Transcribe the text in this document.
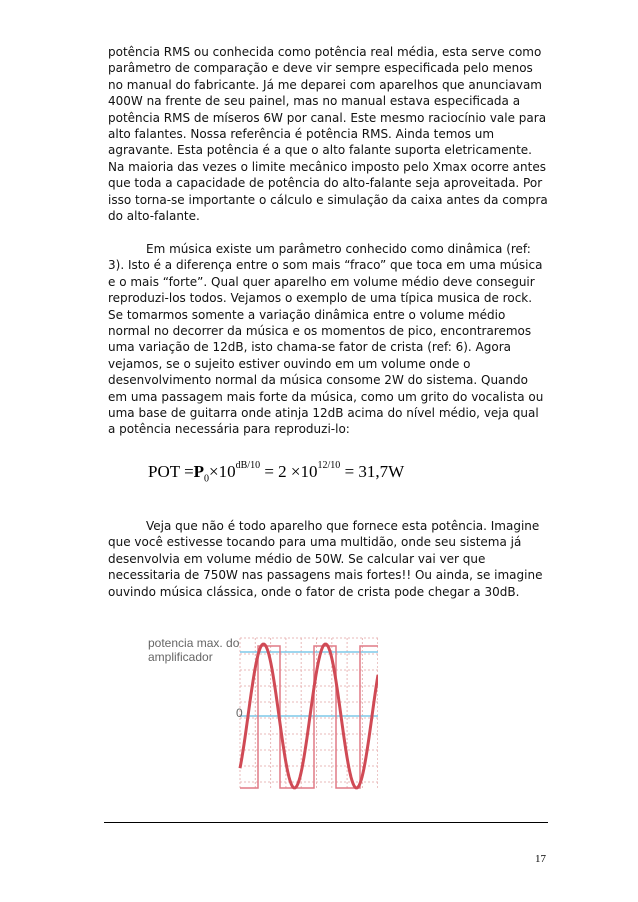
potência RMS ou conhecida como potência real média, esta serve como parâmetro de comparação e deve vir sempre especificada pelo menos no manual do fabricante. Já me deparei com aparelhos que anunciavam 400W na frente de seu painel, mas no manual estava especificada a potência RMS de míseros 6W por canal. Este mesmo raciocínio vale para alto falantes. Nossa referência é potência RMS. Ainda temos um agravante. Esta potência é a que o alto falante suporta eletricamente. Na maioria das vezes o limite mecânico imposto pelo Xmax ocorre antes que toda a capacidade de potência do alto-falante seja aproveitada. Por isso torna-se importante o cálculo e simulação da caixa antes da compra do alto-falante.

Em música existe um parâmetro conhecido como dinâmica (ref: 3). Isto é a diferença entre o som mais “fraco” que toca em uma música e o mais “forte”. Qual quer aparelho em volume médio deve conseguir reproduzi-los todos. Vejamos o exemplo de uma típica musica de rock. Se tomarmos somente a variação dinâmica entre o volume médio normal no decorrer da música e os momentos de pico, encontraremos uma variação de 12dB, isto chama-se fator de crista (ref: 6). Agora vejamos, se o sujeito estiver ouvindo em um volume onde o desenvolvimento normal da música consome 2W do sistema. Quando em uma passagem mais forte da música, como um grito do vocalista ou uma base de guitarra onde atinja 12dB acima do nível médio, veja qual a potência necessária para reproduzi-lo:

POT $=P_0\times 10^{dB/10} = 2 \times 10^{12/10} = 31,7W$

Veja que não é todo aparelho que fornece esta potência. Imagine que você estivesse tocando para uma multidão, onde seu sistema já desenvolvia em volume médio de 50W. Se calcular vai ver que necessitaria de 750W nas passagens mais fortes!! Ou ainda, se imagine ouvindo música clássica, onde o fator de crista pode chegar a 30dB.

potencia max. do
amplificador
0
17
